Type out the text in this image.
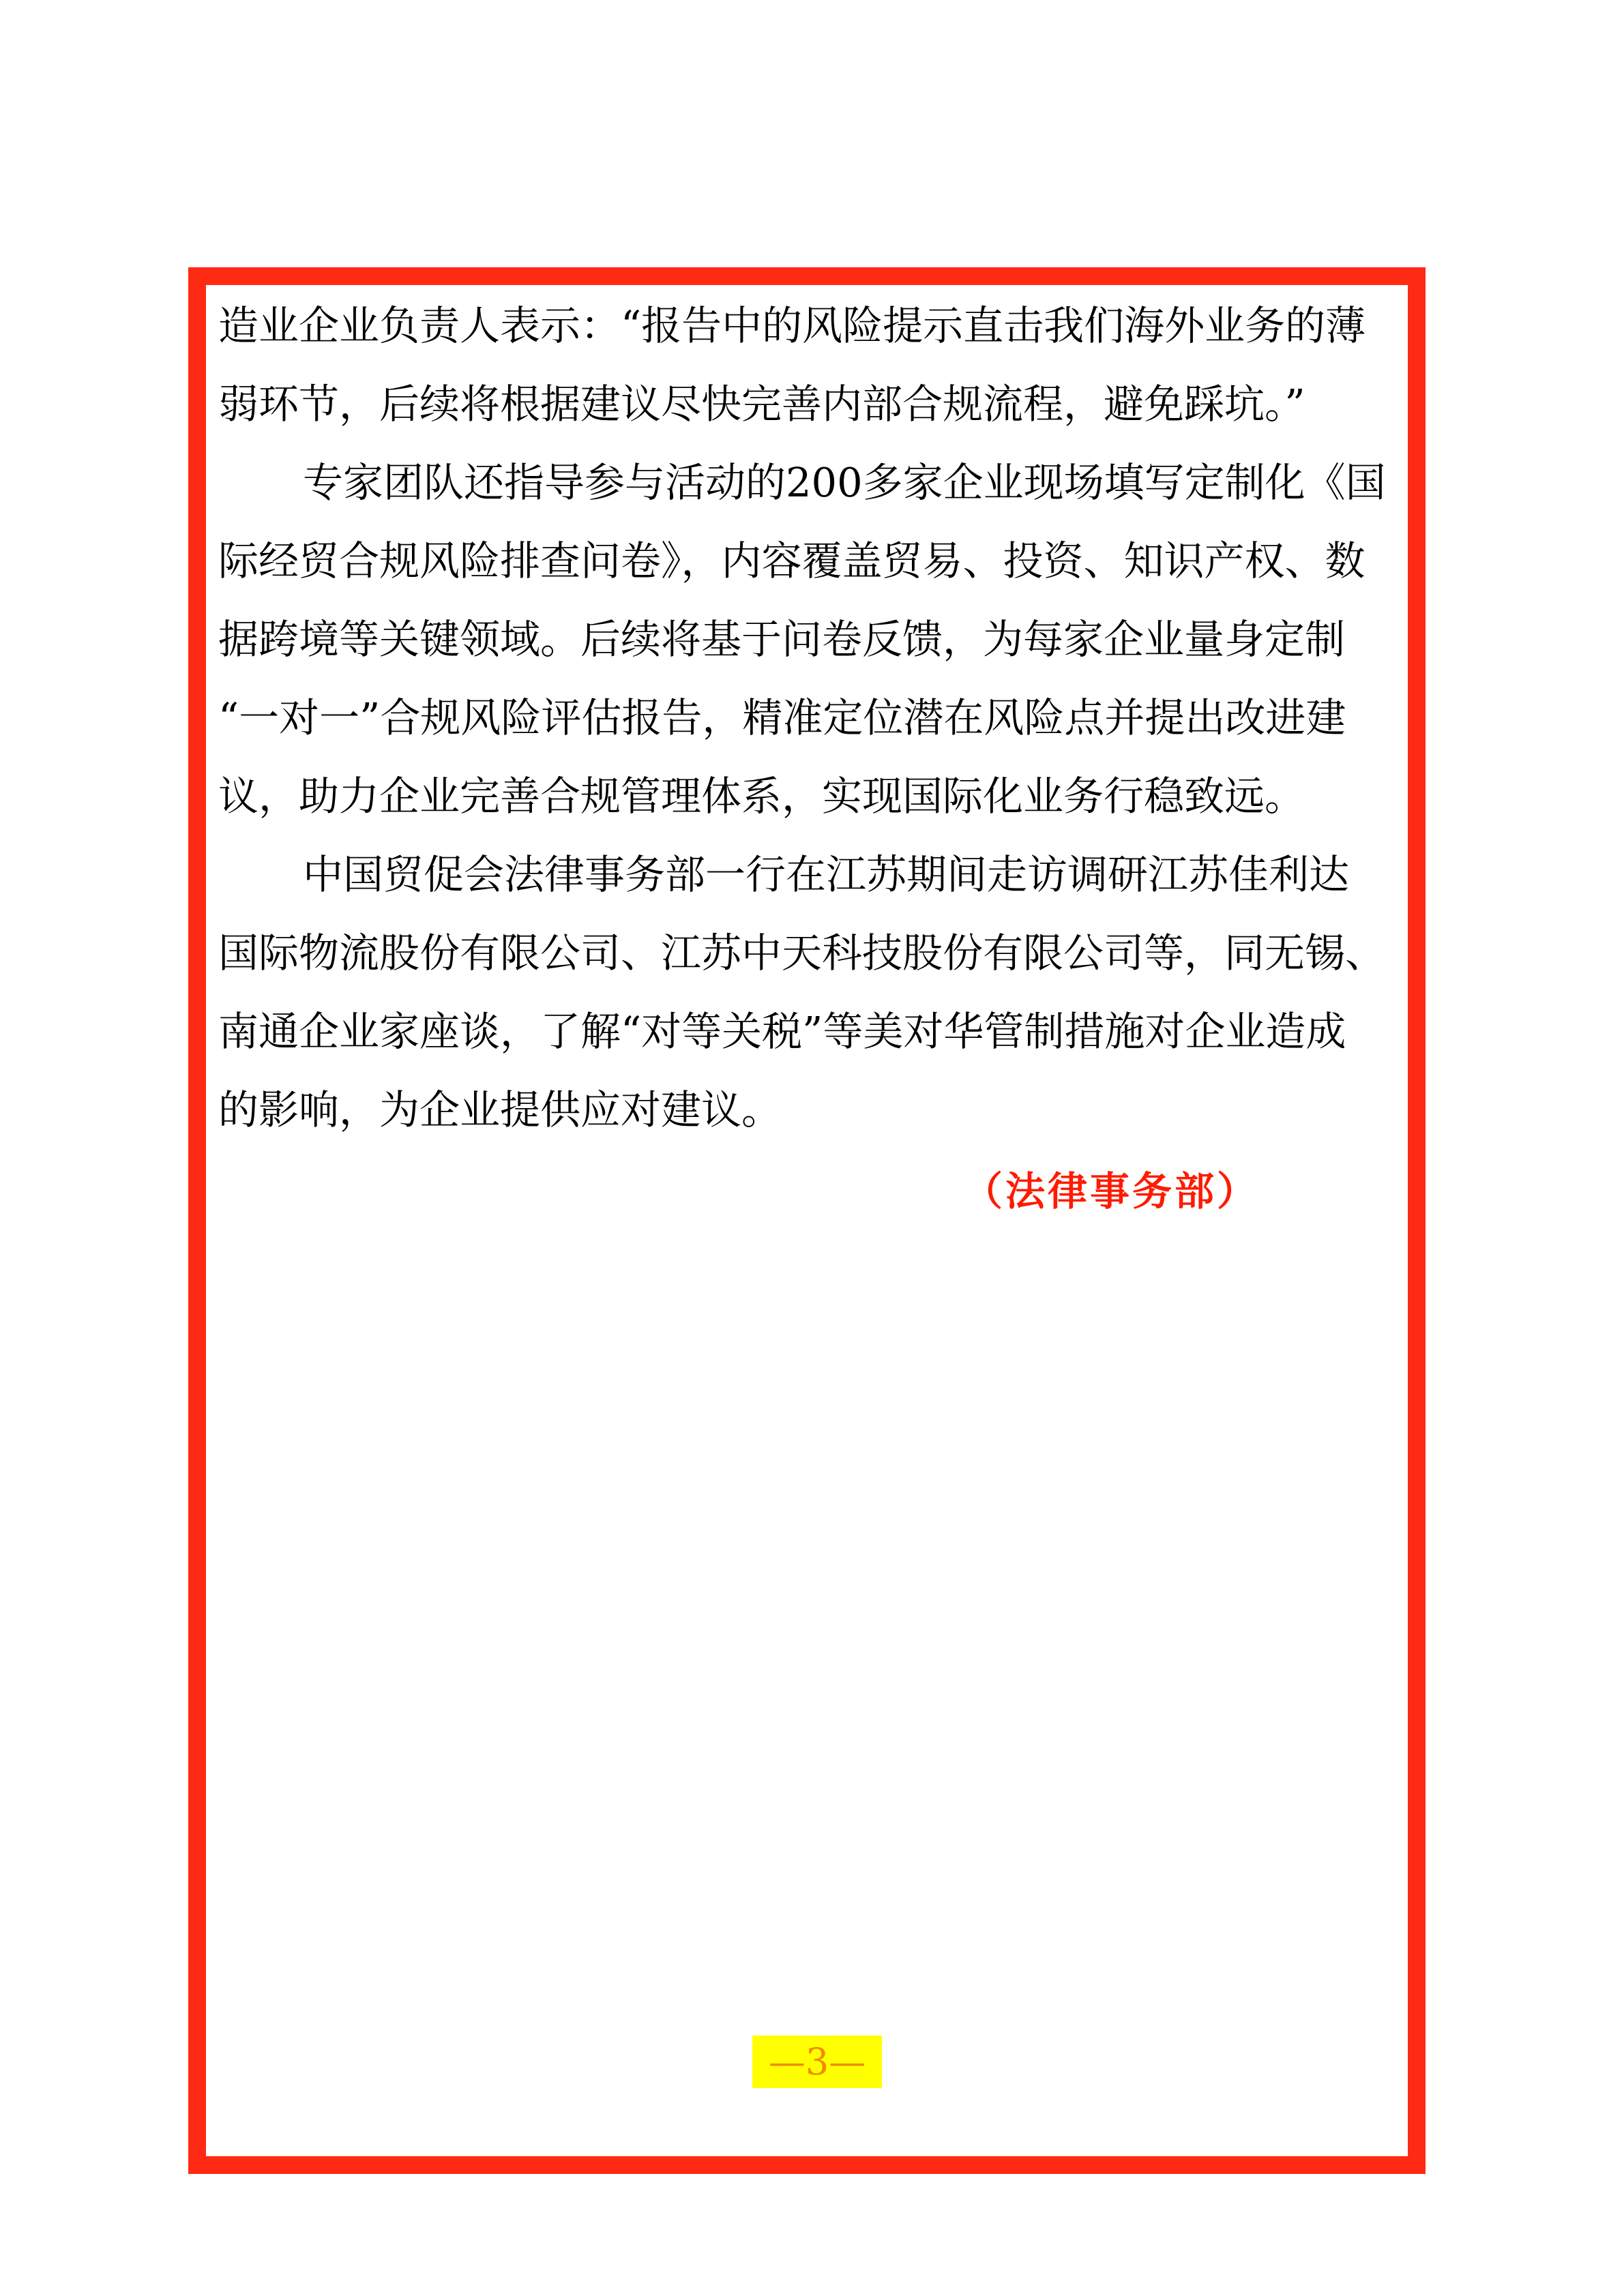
造业企业负责人表示：“报告中的风险提示直击我们海外业务的薄
弱环节，后续将根据建议尽快完善内部合规流程，避免踩坑。”
专家团队还指导参与活动的200多家企业现场填写定制化《国
际经贸合规风险排查问卷》，内容覆盖贸易、投资、知识产权、数
据跨境等关键领域。后续将基于问卷反馈，为每家企业量身定制
“一对一”合规风险评估报告，精准定位潜在风险点并提出改进建
议，助力企业完善合规管理体系，实现国际化业务行稳致远。
中国贸促会法律事务部一行在江苏期间走访调研江苏佳利达
国际物流股份有限公司、江苏中天科技股份有限公司等，同无锡、
南通企业家座谈，了解“对等关税”等美对华管制措施对企业造成
的影响，为企业提供应对建议。
（法律事务部）
—3—
